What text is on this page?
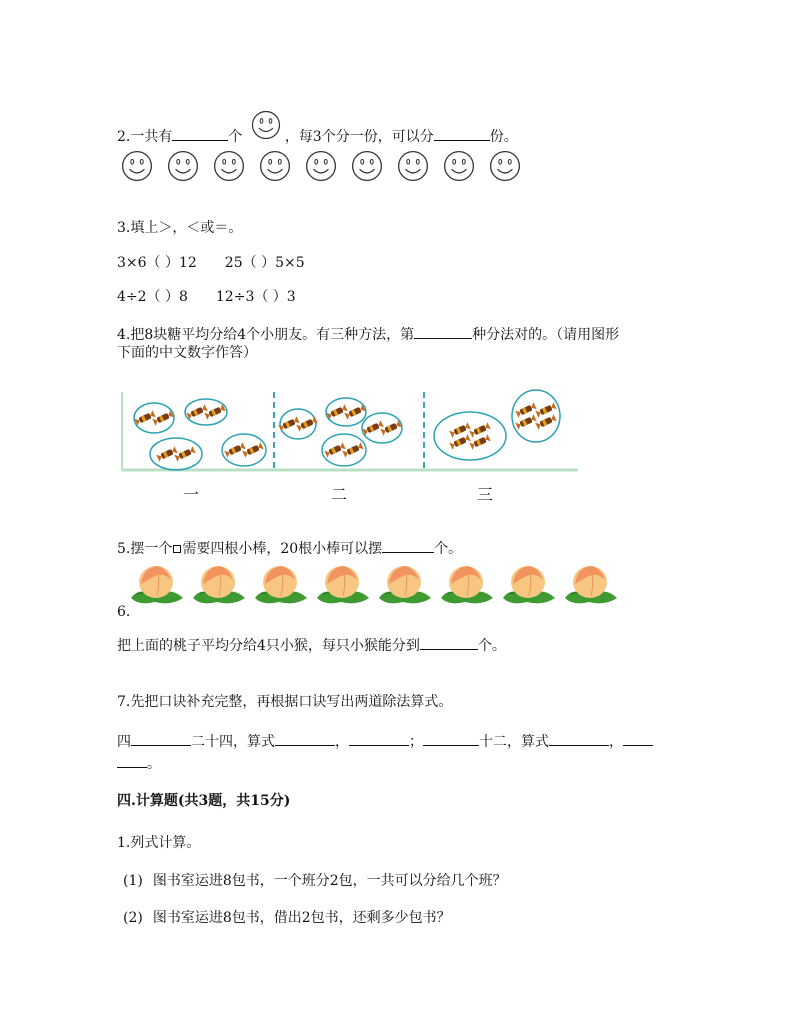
2.一共有	个	，每3个分一份，可以分	份。
3.填上＞，＜或＝。
3×6（ ）12　　25（ ）5×5
4÷2（ ）8　　12÷3（ ）3
4.把8块糖平均分给4个小朋友。有三种方法，第	种分法对的。（请用图形
下面的中文数字作答）
一	二	三
5.摆一个 需要四根小棒，20根小棒可以摆	个。
6.
把上面的桃子平均分给4只小猴，每只小猴能分到	个。
7.先把口诀补充完整，再根据口诀写出两道除法算式。
四	二十四，算式	，	；	十二，算式	，
。
四.计算题(共3题，共15分)
1.列式计算。
(1) 图书室运进8包书，一个班分2包，一共可以分给几个班？
(2) 图书室运进8包书，借出2包书，还剩多少包书？
